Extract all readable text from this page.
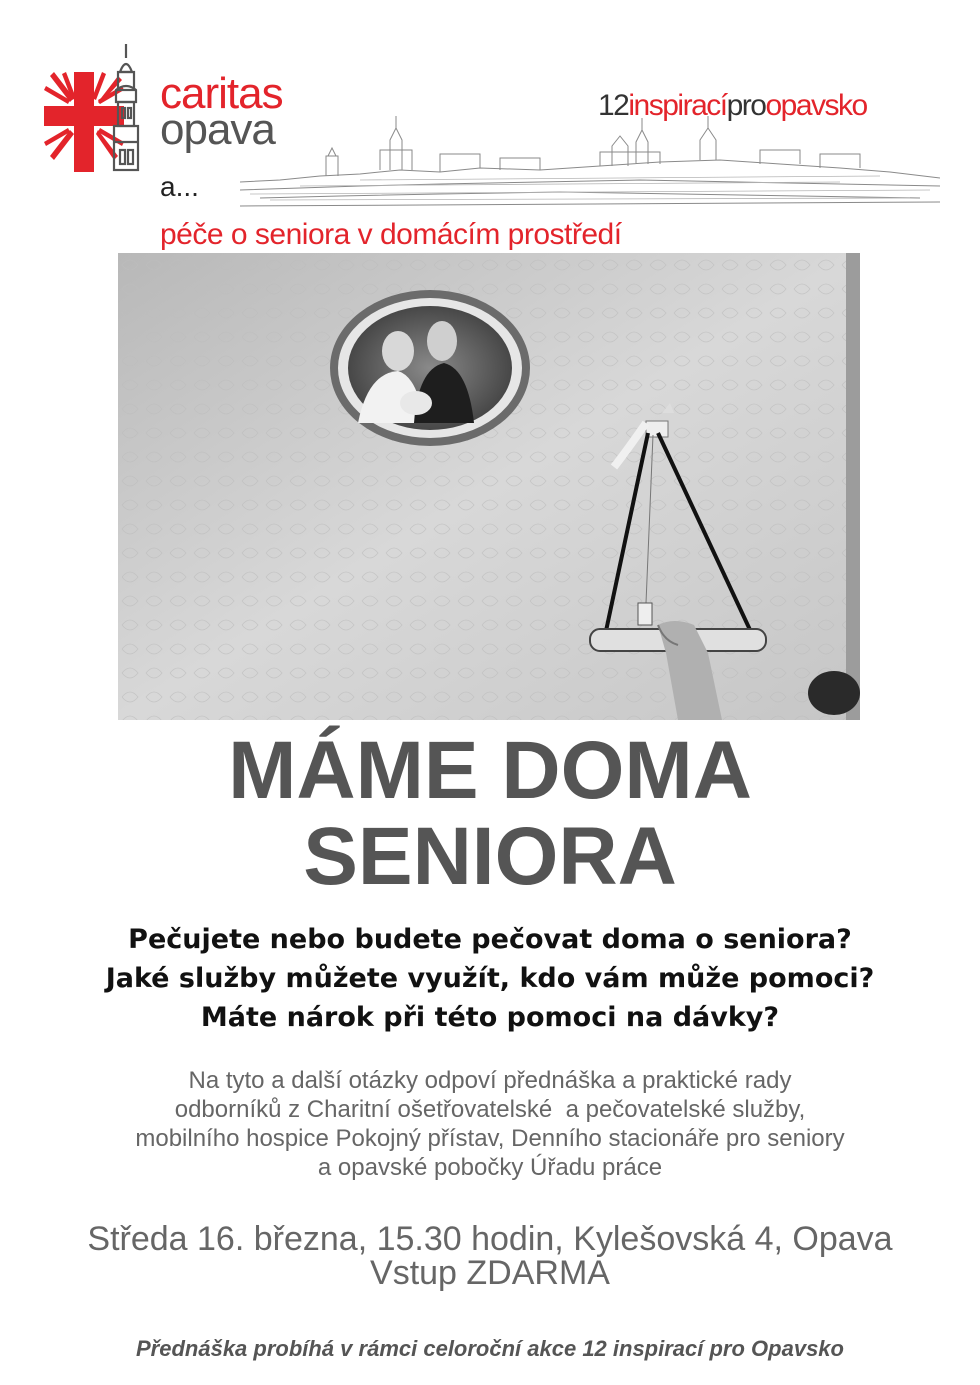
caritas
opava
a...
12inspiracíproopavsko
péče o seniora v domácím prostředí
MÁME DOMA
SENIORA
Pečujete nebo budete pečovat doma o seniora?
Jaké služby můžete využít, kdo vám může pomoci?
Máte nárok při této pomoci na dávky?
Na tyto a další otázky odpoví přednáška a praktické rady
odborníků z Charitní ošetřovatelské  a pečovatelské služby,
mobilního hospice Pokojný přístav, Denního stacionáře pro seniory
a opavské pobočky Úřadu práce
Středa 16. března, 15.30 hodin, Kylešovská 4, Opava
Vstup ZDARMA
Přednáška probíhá v rámci celoroční akce 12 inspirací pro Opavsko
